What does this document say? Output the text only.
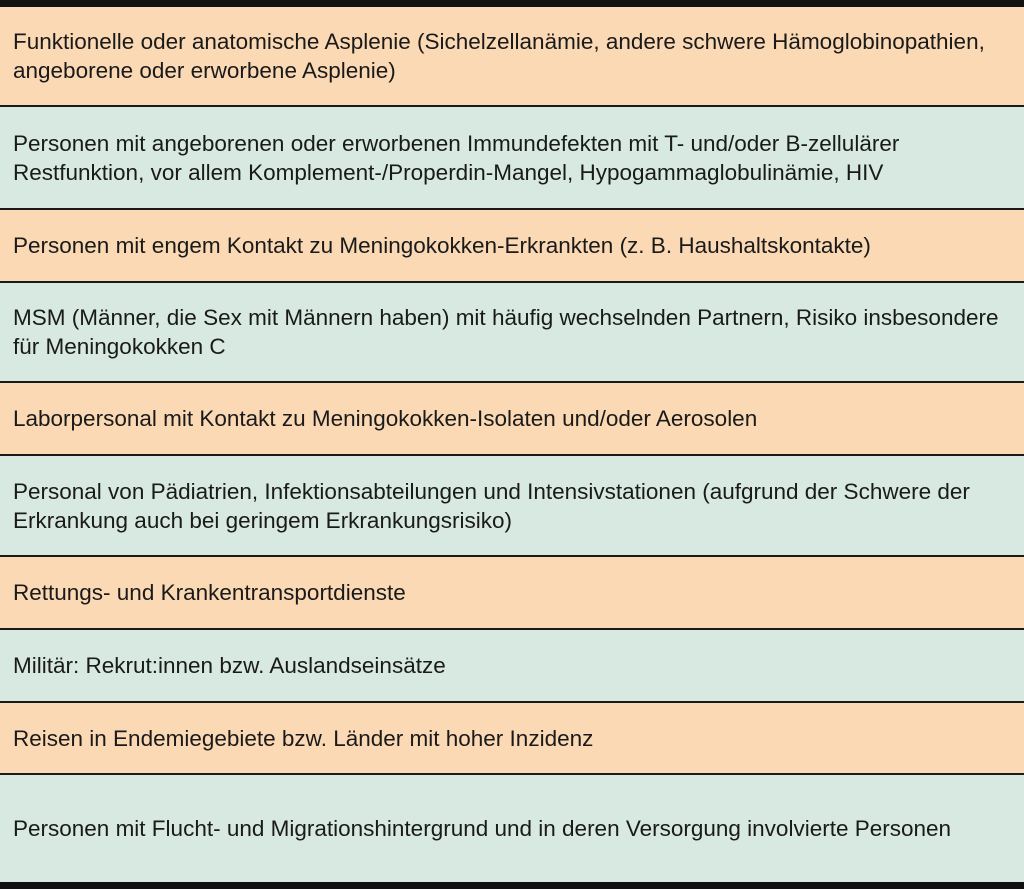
Funktionelle oder anatomische Asplenie (Sichelzellanämie, andere schwere Hämoglobinopathien, angeborene oder erworbene Asplenie)
Personen mit angeborenen oder erworbenen Immundefekten mit T- und/oder B-zellulärer Restfunktion, vor allem Komplement-/Properdin-Mangel, Hypogammaglobulinämie, HIV
Personen mit engem Kontakt zu Meningokokken-Erkrankten (z. B. Haushaltskontakte)
MSM (Männer, die Sex mit Männern haben) mit häufig wechselnden Partnern, Risiko insbesondere für Meningokokken C
Laborpersonal mit Kontakt zu Meningokokken-Isolaten und/oder Aerosolen
Personal von Pädiatrien, Infektionsabteilungen und Intensivstationen (aufgrund der Schwere der Erkrankung auch bei geringem Erkrankungsrisiko)
Rettungs- und Krankentransportdienste
Militär: Rekrut:innen bzw. Auslandseinsätze
Reisen in Endemiegebiete bzw. Länder mit hoher Inzidenz
Personen mit Flucht- und Migrationshintergrund und in deren Versorgung involvierte Personen
